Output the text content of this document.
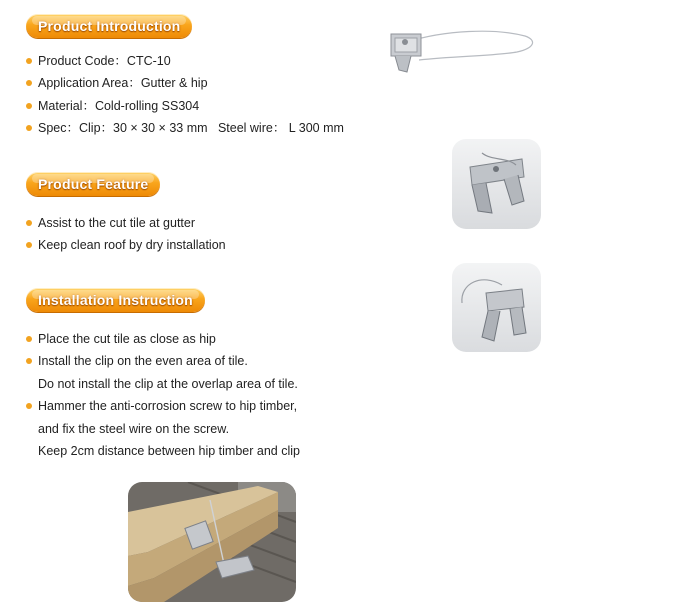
Product Introduction
Product Code：CTC-10
Application Area：Gutter & hip
Material：Cold-rolling SS304
Spec：Clip：30 × 30 × 33 mm   Steel wire： L 300 mm
Product Feature
Assist to the cut tile at gutter
Keep clean roof by dry installation
Installation Instruction
Place the cut tile as close as hip
Install the clip on the even area of tile.
Do not install the clip at the overlap area of tile.
Hammer the anti-corrosion screw to hip timber,
and fix the steel wire on the screw.
Keep 2cm distance between hip timber and clip
